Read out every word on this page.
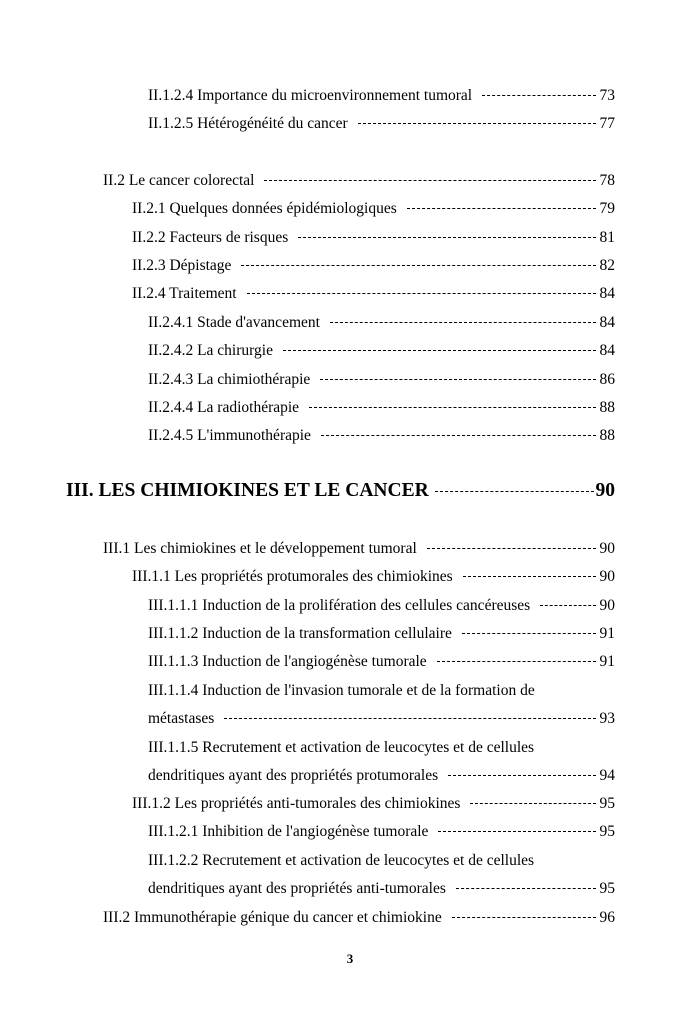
II.1.2.4 Importance du microenvironnement tumoral	73
II.1.2.5 Hétérogénéité du cancer	77
II.2 Le cancer colorectal	78
II.2.1 Quelques données épidémiologiques	79
II.2.2 Facteurs de risques	81
II.2.3 Dépistage	82
II.2.4 Traitement	84
II.2.4.1 Stade d'avancement	84
II.2.4.2 La chirurgie	84
II.2.4.3 La chimiothérapie	86
II.2.4.4 La radiothérapie	88
II.2.4.5 L'immunothérapie	88
III. LES CHIMIOKINES ET LE CANCER	90
III.1 Les chimiokines et le développement tumoral	90
III.1.1 Les propriétés protumorales des chimiokines	90
III.1.1.1 Induction de la prolifération des cellules cancéreuses	90
III.1.1.2 Induction de la transformation cellulaire	91
III.1.1.3 Induction de l'angiogénèse tumorale	91
III.1.1.4 Induction de l'invasion tumorale et de la formation de
métastases	93
III.1.1.5 Recrutement et activation de leucocytes et de cellules
dendritiques ayant des propriétés protumorales	94
III.1.2 Les propriétés anti-tumorales des chimiokines	95
III.1.2.1 Inhibition de l'angiogénèse tumorale	95
III.1.2.2 Recrutement et activation de leucocytes et de cellules
dendritiques ayant des propriétés anti-tumorales	95
III.2 Immunothérapie génique du cancer et chimiokine	96
3
